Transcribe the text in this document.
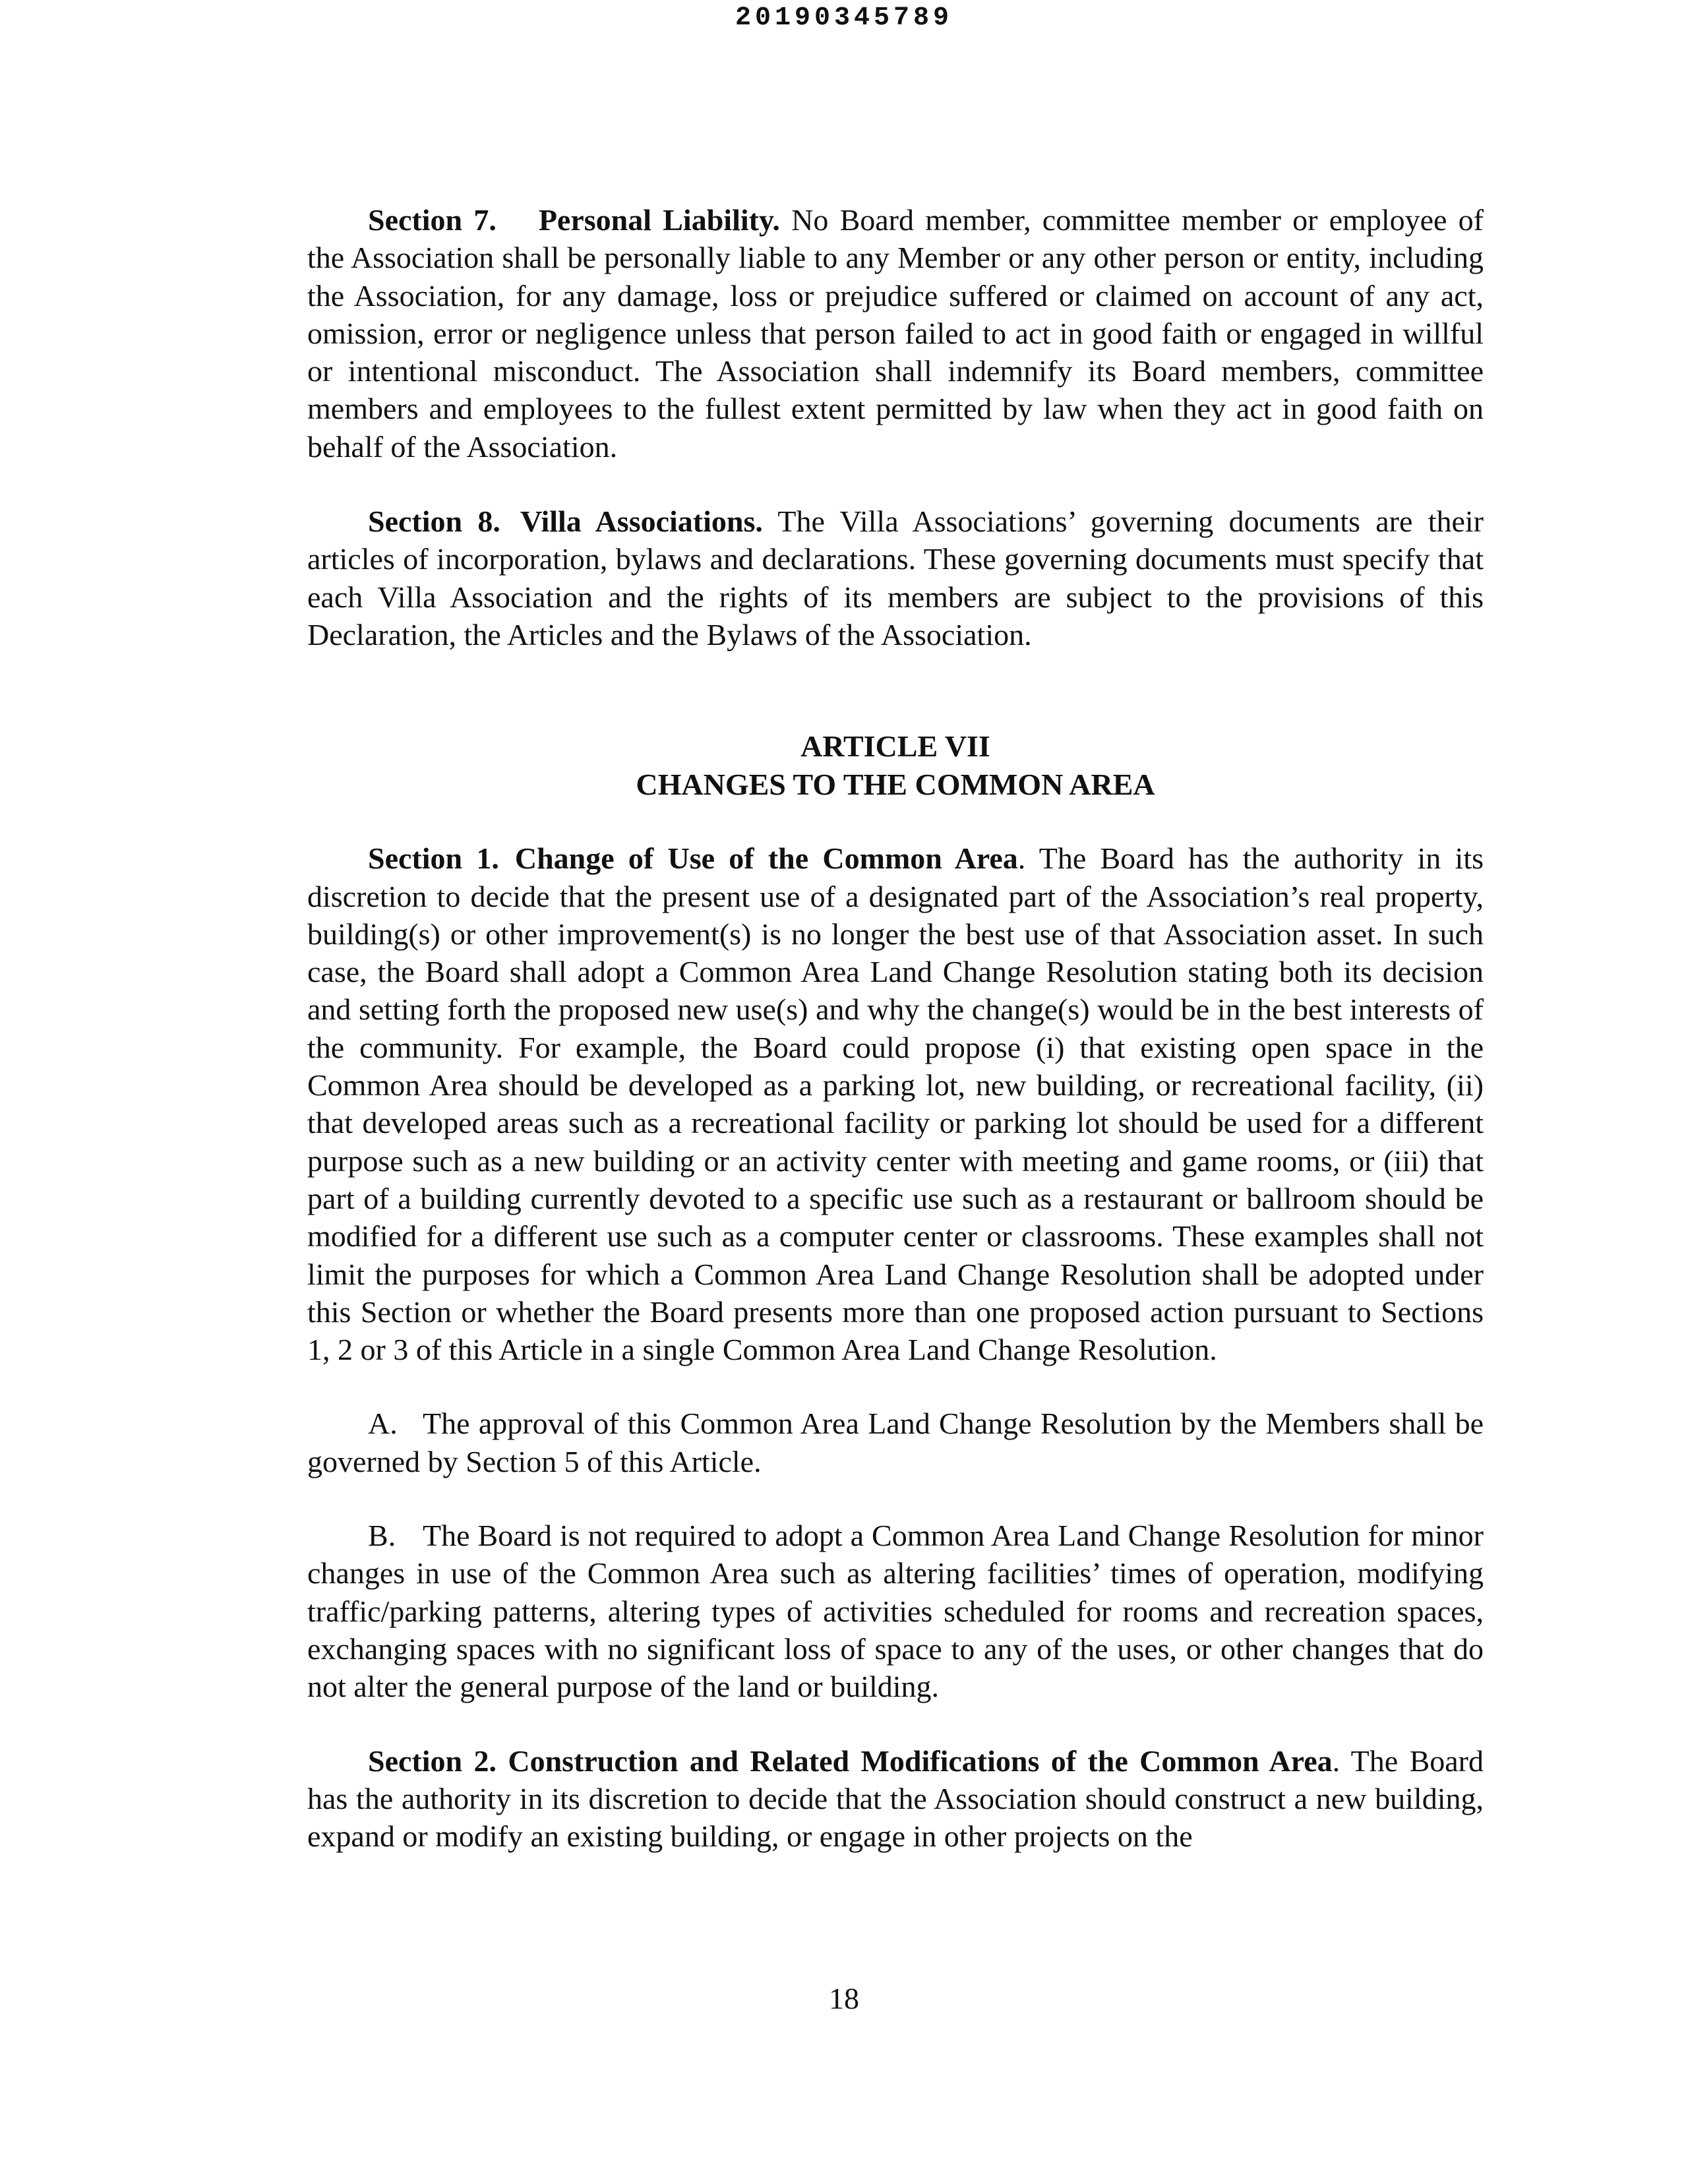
20190345789

Section 7. Personal Liability. No Board member, committee member or employee of the Association shall be personally liable to any Member or any other person or entity, including the Association, for any damage, loss or prejudice suffered or claimed on account of any act, omission, error or negligence unless that person failed to act in good faith or engaged in willful or intentional misconduct. The Association shall indemnify its Board members, committee members and employees to the fullest extent permitted by law when they act in good faith on behalf of the Association.

Section 8. Villa Associations. The Villa Associations’ governing documents are their articles of incorporation, bylaws and declarations. These governing documents must specify that each Villa Association and the rights of its members are subject to the provisions of this Declaration, the Articles and the Bylaws of the Association.

ARTICLE VII
CHANGES TO THE COMMON AREA

Section 1. Change of Use of the Common Area. The Board has the authority in its discretion to decide that the present use of a designated part of the Association’s real property, building(s) or other improvement(s) is no longer the best use of that Association asset. In such case, the Board shall adopt a Common Area Land Change Resolution stating both its decision and setting forth the proposed new use(s) and why the change(s) would be in the best interests of the community. For example, the Board could propose (i) that existing open space in the Common Area should be developed as a parking lot, new building, or recreational facility, (ii) that developed areas such as a recreational facility or parking lot should be used for a different purpose such as a new building or an activity center with meeting and game rooms, or (iii) that part of a building currently devoted to a specific use such as a restaurant or ballroom should be modified for a different use such as a computer center or classrooms. These examples shall not limit the purposes for which a Common Area Land Change Resolution shall be adopted under this Section or whether the Board presents more than one proposed action pursuant to Sections 1, 2 or 3 of this Article in a single Common Area Land Change Resolution.

A. The approval of this Common Area Land Change Resolution by the Members shall be governed by Section 5 of this Article.

B. The Board is not required to adopt a Common Area Land Change Resolution for minor changes in use of the Common Area such as altering facilities’ times of operation, modifying traffic/parking patterns, altering types of activities scheduled for rooms and recreation spaces, exchanging spaces with no significant loss of space to any of the uses, or other changes that do not alter the general purpose of the land or building.

Section 2. Construction and Related Modifications of the Common Area. The Board has the authority in its discretion to decide that the Association should construct a new building, expand or modify an existing building, or engage in other projects on the

18
